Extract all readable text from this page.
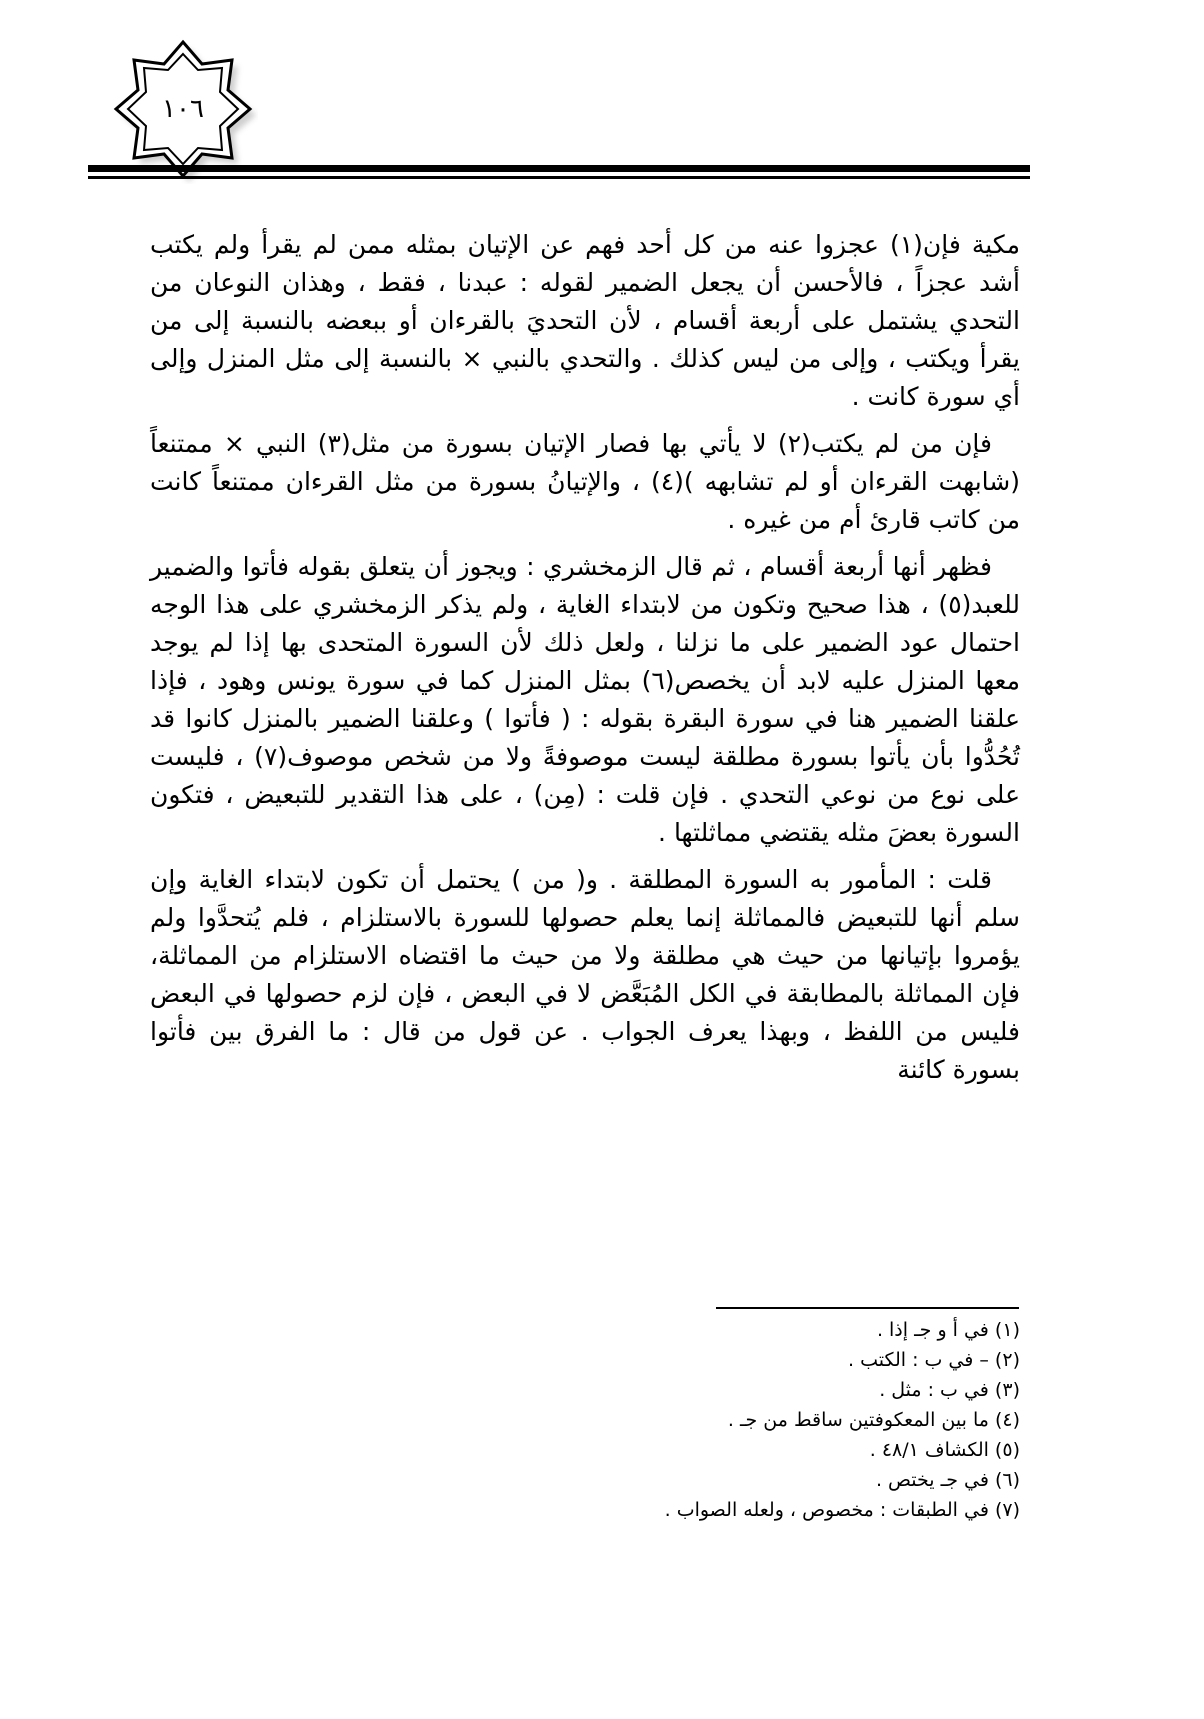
١٠٦

مكية فإن(١) عجزوا عنه من كل أحد فهم عن الإتيان بمثله ممن لم يقرأ ولم يكتب أشد عجزاً ، فالأحسن أن يجعل الضمير لقوله : عبدنا ، فقط ، وهذان النوعان من التحدي يشتمل على أربعة أقسام ، لأن التحديَ بالقرءان أو ببعضه بالنسبة إلى من يقرأ ويكتب ، وإلى من ليس كذلك . والتحدي بالنبي × بالنسبة إلى مثل المنزل وإلى أي سورة كانت .

فإن من لم يكتب(٢) لا يأتي بها فصار الإتيان بسورة من مثل(٣) النبي × ممتنعاً (شابهت القرءان أو لم تشابهه )(٤) ، والإتيانُ بسورة من مثل القرءان ممتنعاً كانت من كاتب قارئ أم من غيره .

فظهر أنها أربعة أقسام ، ثم قال الزمخشري : ويجوز أن يتعلق بقوله فأتوا والضمير للعبد(٥) ، هذا صحيح وتكون من لابتداء الغاية ، ولم يذكر الزمخشري على هذا الوجه احتمال عود الضمير على ما نزلنا ، ولعل ذلك لأن السورة المتحدى بها إذا لم يوجد معها المنزل عليه لابد أن يخصص(٦) بمثل المنزل كما في سورة يونس وهود ، فإذا علقنا الضمير هنا في سورة البقرة بقوله : ( فأتوا ) وعلقنا الضمير بالمنزل كانوا قد تُحُدُّوا بأن يأتوا بسورة مطلقة ليست موصوفةً ولا من شخص موصوف(٧) ، فليست على نوع من نوعي التحدي . فإن قلت : (مِن) ، على هذا التقدير للتبعيض ، فتكون السورة بعضَ مثله يقتضي مماثلتها .

قلت : المأمور به السورة المطلقة . و( من ) يحتمل أن تكون لابتداء الغاية وإن سلم أنها للتبعيض فالمماثلة إنما يعلم حصولها للسورة بالاستلزام ، فلم يُتحدَّوا ولم يؤمروا بإتيانها من حيث هي مطلقة ولا من حيث ما اقتضاه الاستلزام من المماثلة، فإن المماثلة بالمطابقة في الكل المُبَعَّض لا في البعض ، فإن لزم حصولها في البعض فليس من اللفظ ، وبهذا يعرف الجواب . عن قول من قال : ما الفرق بين فأتوا بسورة كائنة

(١) في أ و جـ إذا .
(٢) – في ب : الكتب .
(٣) في ب : مثل .
(٤) ما بين المعكوفتين ساقط من جـ .
(٥) الكشاف ٤٨/١ .
(٦) في جـ يختص .
(٧) في الطبقات : مخصوص ، ولعله الصواب .
